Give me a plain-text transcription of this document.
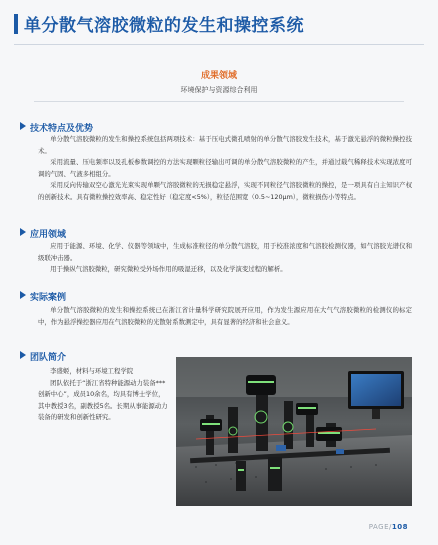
单分散气溶胶微粒的发生和操控系统
成果领域
环境保护与资源综合利用
技术特点及优势

单分散气溶胶微粒的发生和操控系统包括两项技术：基于压电式微孔喷射的单分散气溶胶发生技术，基于激光悬浮的微粒操控技术。

采用流量、压电频率以及孔板参数调控的方法实现颗粒径输出可调的单分散气溶胶微粒的产生，并通过载气稀释技术实现浓度可调的气固、气液多相组分。

采用反向传输双空心激光光束实现单颗气溶胶微粒的无损稳定悬浮，实现不同粒径气溶胶微粒的操控，是一项具有自主知识产权的创新技术。具有微粒操控效率高、稳定性好（稳定度<5%），粒径范围宽（0.5~120μm），微粒损伤小等特点。

应用领域

应用于能源、环境、化学、仪器等领域中，生成标准粒径的单分散气溶胶，用于校准浓度和气溶胶检测仪器，如气溶胶光谱仪和级联冲击器。

用于操纵气溶胶微粒，研究微粒受外场作用的吸湿迁移，以及化学演变过程的解析。

实际案例

单分散气溶胶微粒的发生和操控系统已在浙江省计量科学研究院展开应用，作为发生源应用在大气气溶胶微粒的检测仪的标定中，作为悬浮操控器应用在气溶胶微粒的光散射系数测定中，具有显著的经济和社会意义。

团队简介

李盛姬，材料与环境工程学院

团队依托于“浙江省特种能源动力装备***创新中心”，成员10余名，均具有博士学位，其中教授3名，副教授5名。长期从事能源动力装备的研发和创新性研究。

PAGE/108
